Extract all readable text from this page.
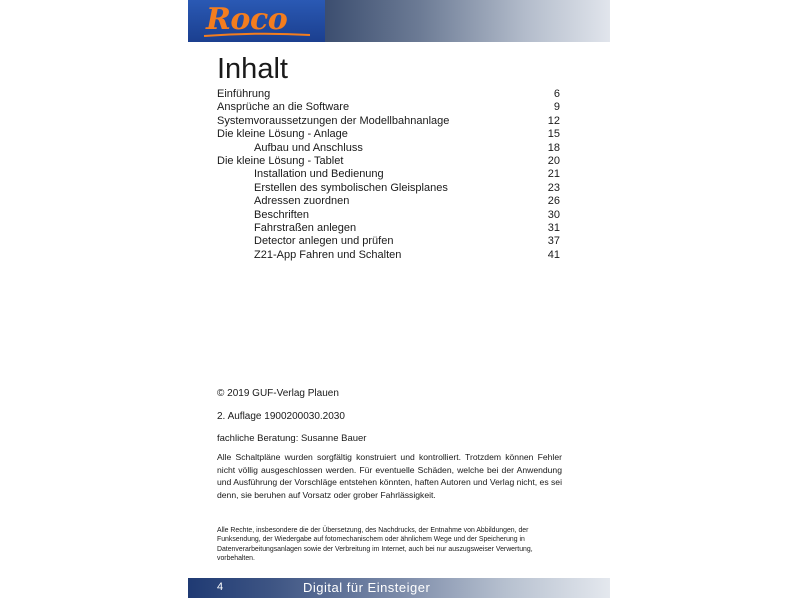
Roco
Inhalt
Einführung	6
Ansprüche an die Software	9
Systemvoraussetzungen der Modellbahnanlage	12
Die kleine Lösung - Anlage	15
Aufbau und Anschluss	18
Die kleine Lösung - Tablet	20
Installation und Bedienung	21
Erstellen des symbolischen Gleisplanes	23
Adressen zuordnen	26
Beschriften	30
Fahrstraßen anlegen	31
Detector anlegen und prüfen	37
Z21-App Fahren und Schalten	41
© 2019 GUF-Verlag Plauen
2. Auflage 1900200030.2030
fachliche Beratung: Susanne Bauer

Alle Schaltpläne wurden sorgfältig konstruiert und kontrolliert. Trotzdem können Fehler nicht völlig ausgeschlossen werden. Für eventuelle Schäden, welche bei der Anwendung und Ausführung der Vorschläge entstehen könnten, haften Autoren und Verlag nicht, es sei denn, sie beruhen auf Vorsatz oder grober Fahrlässigkeit.

Alle Rechte, insbesondere die der Übersetzung, des Nachdrucks, der Entnahme von Abbildungen, der Funksendung, der Wiedergabe auf fotomechanischem oder ähnlichem Wege und der Speicherung in Datenverarbeitungsanlagen sowie der Verbreitung im Internet, auch bei nur auszugsweiser Verwertung, vorbehalten.

4	Digital für Einsteiger
